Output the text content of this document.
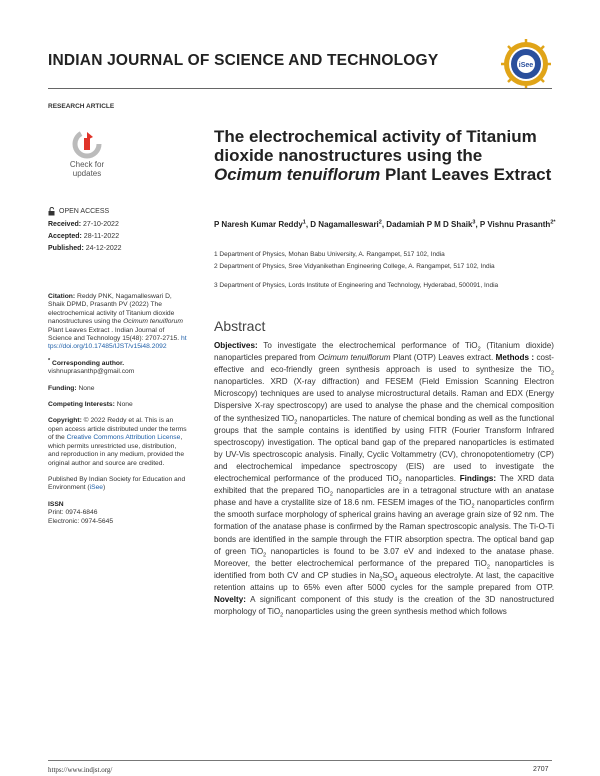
INDIAN JOURNAL OF SCIENCE AND TECHNOLOGY	iSee
RESEARCH ARTICLE
Check for
updates
OPEN ACCESS
Received: 27-10-2022
Accepted: 28-11-2022
Published: 24-12-2022
The electrochemical activity of Titanium dioxide nanostructures using the Ocimum tenuiflorum Plant Leaves Extract
P Naresh Kumar Reddy$^1$, D Nagamalleswari$^2$, Dadamiah P M D Shaik$^3$, P Vishnu Prasanth$^{2*}$
1 Department of Physics, Mohan Babu University, A. Rangampet, 517 102, India
2 Department of Physics, Sree Vidyanikethan Engineering College, A. Rangampet, 517 102, India
3 Department of Physics, Lords Institute of Engineering and Technology, Hyderabad, 500091, India
Abstract
Objectives: To investigate the electrochemical performance of TiO$_2$ (Titanium dioxide) nanoparticles prepared from Ocimum tenuiflorum Plant (OTP) Leaves extract. Methods : cost-effective and eco-friendly green synthesis approach is used to synthesize the TiO$_2$ nanoparticles. XRD (X-ray diffraction) and FESEM (Field Emission Scanning Electron Microscopy) techniques are used to analyse microstructural details. Raman and EDX (Energy Dispersive X-ray spectroscopy) are used to analyse the phase and the chemical composition of the synthesized TiO$_2$ nanoparticles. The nature of chemical bonding as well as the functional groups that the sample contains is identified by using FITR (Fourier Transform Infrared spectroscopy) investigation. The optical band gap of the prepared nanoparticles is estimated by UV-Vis spectroscopic analysis. Finally, Cyclic Voltammetry (CV), chronopotentiometry (CP) and electrochemical impedance spectroscopy (EIS) are used to investigate the electrochemical performance of the produced TiO$_2$ nanoparticles. Findings: The XRD data exhibited that the prepared TiO$_2$ nanoparticles are in a tetragonal structure with an anatase phase and have a crystallite size of 18.6 nm. FESEM images of the TiO$_2$ nanoparticles confirm the smooth surface morphology of spherical grains having an average grain size of 92 nm. The formation of the anatase phase is confirmed by the Raman spectroscopic analysis. The Ti-O-Ti bonds are identified in the sample through the FTIR absorption spectra. The optical band gap of green TiO$_2$ nanoparticles is found to be 3.07 eV and indexed to the anatase phase. Moreover, the better electrochemical performance of the prepared TiO$_2$ nanoparticles is identified from both CV and CP studies in $Na_2SO_4$ aqueous electrolyte. At last, the capacitive retention attains up to 65% even after 5000 cycles for the sample prepared from OTP. Novelty: A significant component of this study is the creation of the 3D nanostructured morphology of TiO$_2$ nanoparticles using the green synthesis method which follows
Citation: Reddy PNK, Nagamalleswari D, Shaik DPMD, Prasanth PV (2022) The electrochemical activity of Titanium dioxide nanostructures using the Ocimum tenuiflorum Plant Leaves Extract . Indian Journal of Science and Technology 15(48): 2707-2715. https://doi.org/10.17485/IJST/v15i48.2092
* Corresponding author.
vishnuprasanthp@gmail.com
Funding: None
Competing Interests: None
Copyright: © 2022 Reddy et al. This is an open access article distributed under the terms of the Creative Commons Attribution License, which permits unrestricted use, distribution, and reproduction in any medium, provided the original author and source are credited.
Published By Indian Society for Education and Environment (iSee)
ISSN
Print: 0974-6846
Electronic: 0974-5645
https://www.indjst.org/	2707
